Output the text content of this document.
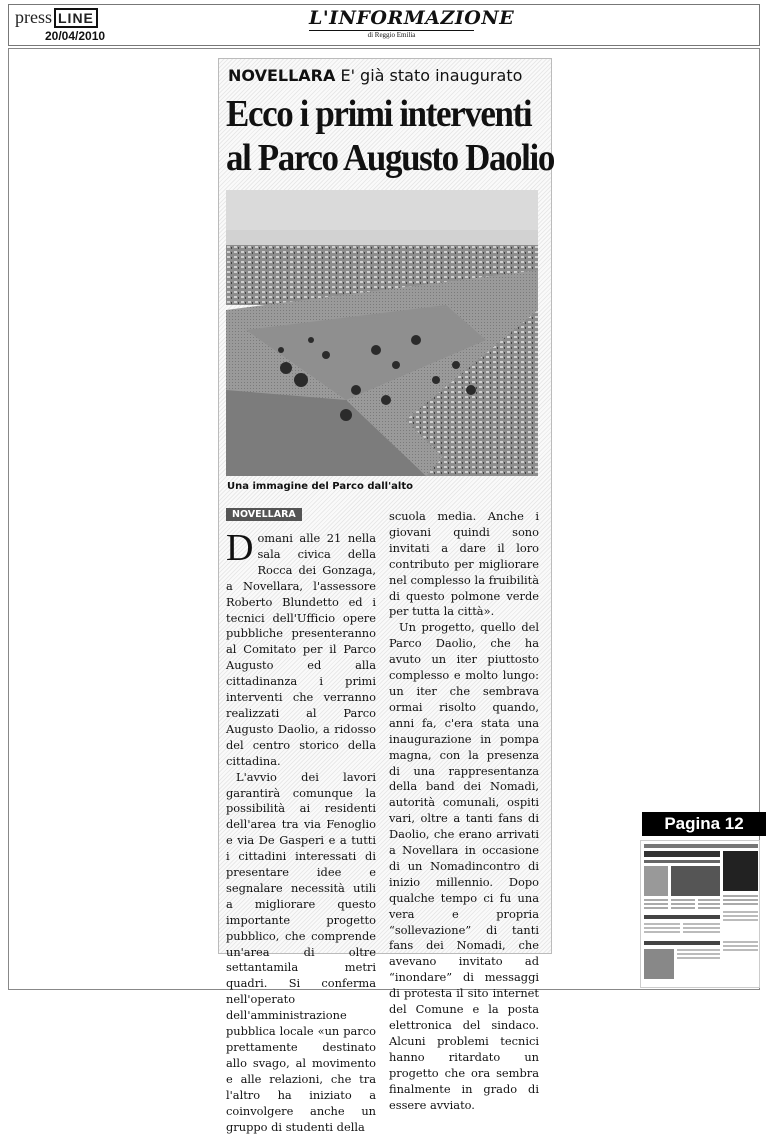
press LINE
20/04/2010
L'INFORMAZIONE
di Reggio Emilia
NOVELLARA E' già stato inaugurato
Ecco i primi interventi
al Parco Augusto Daolio
Una immagine del Parco dall'alto
NOVELLARA

Domani alle 21 nella sala civica della Rocca dei Gonzaga, a Novellara, l'assessore Roberto Blundetto ed i tecnici dell'Ufficio opere pubbliche presenteranno al Comitato per il Parco Augusto ed alla cittadinanza i primi interventi che verranno realizzati al Parco Augusto Daolio, a ridosso del centro storico della cittadina.

L'avvio dei lavori garantirà comunque la possibilità ai residenti dell'area tra via Fenoglio e via De Gasperi e a tutti i cittadini interessati di presentare idee e segnalare necessità utili a migliorare questo importante progetto pubblico, che comprende un'area di oltre settantamila metri quadri. Si conferma nell'operato dell'amministrazione pubblica locale «un parco prettamente destinato allo svago, al movimento e alle relazioni, che tra l'altro ha iniziato a coinvolgere anche un gruppo di studenti della

scuola media. Anche i giovani quindi sono invitati a dare il loro contributo per migliorare nel complesso la fruibilità di questo polmone verde per tutta la città».

Un progetto, quello del Parco Daolio, che ha avuto un iter piuttosto complesso e molto lungo: un iter che sembrava ormai risolto quando, anni fa, c'era stata una inaugurazione in pompa magna, con la presenza di una rappresentanza della band dei Nomadi, autorità comunali, ospiti vari, oltre a tanti fans di Daolio, che erano arrivati a Novellara in occasione di un Nomadincontro di inizio millennio. Dopo qualche tempo ci fu una vera e propria “sollevazione” di tanti fans dei Nomadi, che avevano invitato ad “inondare” di messaggi di protesta il sito internet del Comune e la posta elettronica del sindaco. Alcuni problemi tecnici hanno ritardato un progetto che ora sembra finalmente in grado di essere avviato.

Pagina 12
